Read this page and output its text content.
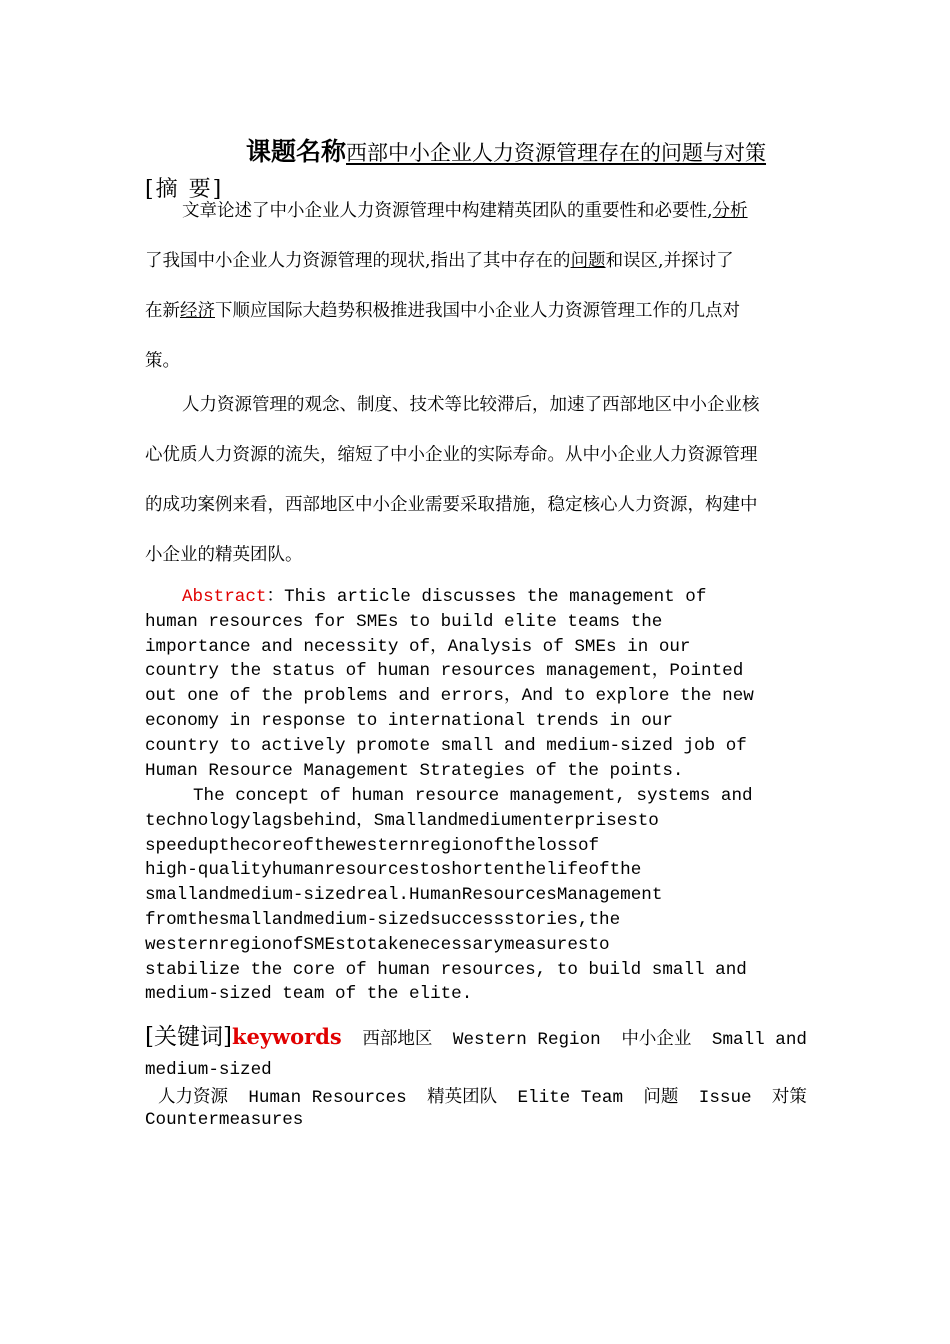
课题名称西部中小企业人力资源管理存在的问题与对策
[摘 要]
文章论述了中小企业人力资源管理中构建精英团队的重要性和必要性,分析
了我国中小企业人力资源管理的现状,指出了其中存在的问题和误区,并探讨了
在新经济下顺应国际大趋势积极推进我国中小企业人力资源管理工作的几点对
策。
人力资源管理的观念、制度、技术等比较滞后，加速了西部地区中小企业核
心优质人力资源的流失，缩短了中小企业的实际寿命。从中小企业人力资源管理
的成功案例来看，西部地区中小企业需要采取措施，稳定核心人力资源，构建中
小企业的精英团队。
Abstract：This article discusses the management of
human resources for SMEs to build elite teams the
importance and necessity of，Analysis of SMEs in our
country the status of human resources management，Pointed
out one of the problems and errors，And to explore the new
economy in response to international trends in our
country to actively promote small and medium-sized job of
Human Resource Management Strategies of the points.
The concept of human resource management, systems and
technologylagsbehind，Smallandmediumenterprisesto
speedupthecoreofthewesternregionofthelossof
high-qualityhumanresourcestoshortenthelifeofthe
smallandmedium-sizedreal.HumanResourcesManagement
fromthesmallandmedium-sizedsuccessstories,the
westernregionofSMEstotakenecessarymeasuresto
stabilize the core of human resources, to build small and
medium-sized team of the elite.
[关键词]keywords 西部地区 Western Region 中小企业 Small and
medium-sized
人力资源 Human Resources 精英团队 Elite Team 问题 Issue 对策
Countermeasures
